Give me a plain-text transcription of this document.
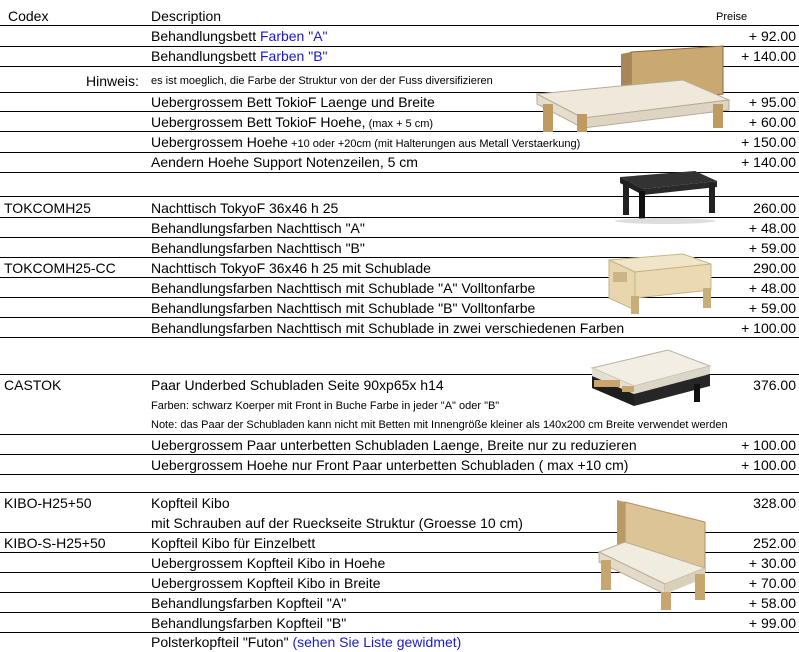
Codex	Description	Preise
Behandlungsbett Farben "A"	+ 92.00
Behandlungsbett Farben "B"	+ 140.00
Hinweis: es ist moeglich, die Farbe der Struktur von der der Fuss diversifizieren
Uebergrossem Bett TokioF Laenge und Breite	+ 95.00
Uebergrossem Bett TokioF Hoehe, (max + 5 cm)	+ 60.00
Uebergrossem Hoehe +10 oder +20cm (mit Halterungen aus Metall Verstaerkung)	+ 150.00
Aendern Hoehe Support Notenzeilen, 5 cm	+ 140.00
TOKCOMH25	Nachttisch TokyoF 36x46 h 25	260.00
Behandlungsfarben Nachttisch "A"	+ 48.00
Behandlungsfarben Nachttisch "B"	+ 59.00
TOKCOMH25-CC	Nachttisch TokyoF 36x46 h 25 mit Schublade	290.00
Behandlungsfarben Nachttisch mit Schublade "A" Volltonfarbe	+ 48.00
Behandlungsfarben Nachttisch mit Schublade "B" Volltonfarbe	+ 59.00
Behandlungsfarben Nachttisch mit Schublade in zwei verschiedenen Farben	+ 100.00
CASTOK	Paar Underbed Schubladen Seite 90xp65x h14	376.00
Farben: schwarz Koerper mit Front in Buche Farbe in jeder "A" oder "B"
Note: das Paar der Schubladen kann nicht mit Betten mit Innengröße kleiner als 140x200 cm Breite verwendet werden
Uebergrossem Paar unterbetten Schubladen Laenge, Breite nur zu reduzieren	+ 100.00
Uebergrossem Hoehe nur Front Paar unterbetten Schubladen ( max +10 cm)	+ 100.00
KIBO-H25+50	Kopfteil Kibo	328.00
mit Schrauben auf der Rueckseite Struktur (Groesse 10 cm)
KIBO-S-H25+50	Kopfteil Kibo für Einzelbett	252.00
Uebergrossem Kopfteil Kibo in Hoehe	+ 30.00
Uebergrossem Kopfteil Kibo in Breite	+ 70.00
Behandlungsfarben Kopfteil "A"	+ 58.00
Behandlungsfarben Kopfteil "B"	+ 99.00
Polsterkopfteil "Futon" (sehen Sie Liste gewidmet)
